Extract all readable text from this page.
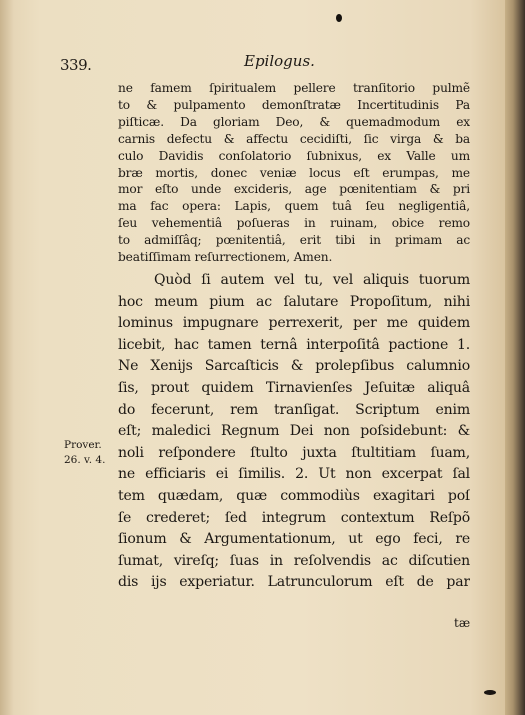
339.	Epilogus.
ne famem ſpiritualem pellere tranſitorio pulmẽ
to & pulpamento demonſtratæ Incertitudinis Pa
piſticæ. Da gloriam Deo, & quemadmodum ex
carnis defectu & affectu cecidiſti, ſic virga & ba
culo Davidis conſolatorio ſubnixus, ex Valle um
bræ mortis, donec veniæ locus eſt erumpas, me
mor eſto unde excideris, age pœnitentiam & pri
ma fac opera: Lapis, quem tuâ ſeu negligentiâ,
ſeu vehementiâ poſueras in ruinam, obice remo
to admiſſâq; pœnitentiâ, erit tibi in primam ac
beatiſſimam reſurrectionem, Amen.
Quòd ſi autem vel tu, vel aliquis tuorum
hoc meum pium ac ſalutare Propoſitum, nihi
lominus impugnare perrexerit, per me quidem
licebit, hac tamen ternâ interpoſitâ pactione 1.
Ne Xenijs Sarcaſticis & prolepſibus calumnio
ſis, prout quidem Tirnavienſes Jeſuitæ aliquâ
do fecerunt, rem tranſigat. Scriptum enim
eſt; maledici Regnum Dei non poſsidebunt: &
noli reſpondere ſtulto juxta ſtultitiam ſuam,
ne efficiaris ei ſimilis. 2. Ut non excerpat ſal
tem quædam, quæ commodiùs exagitari poſ
ſe crederet; ſed integrum contextum Reſpõ
ſionum & Argumentationum, ut ego feci, re
ſumat, vireſq; ſuas in reſolvendis ac diſcutien
dis ijs experiatur. Latrunculorum eſt de par
Prover.
26. v. 4.
tæ
